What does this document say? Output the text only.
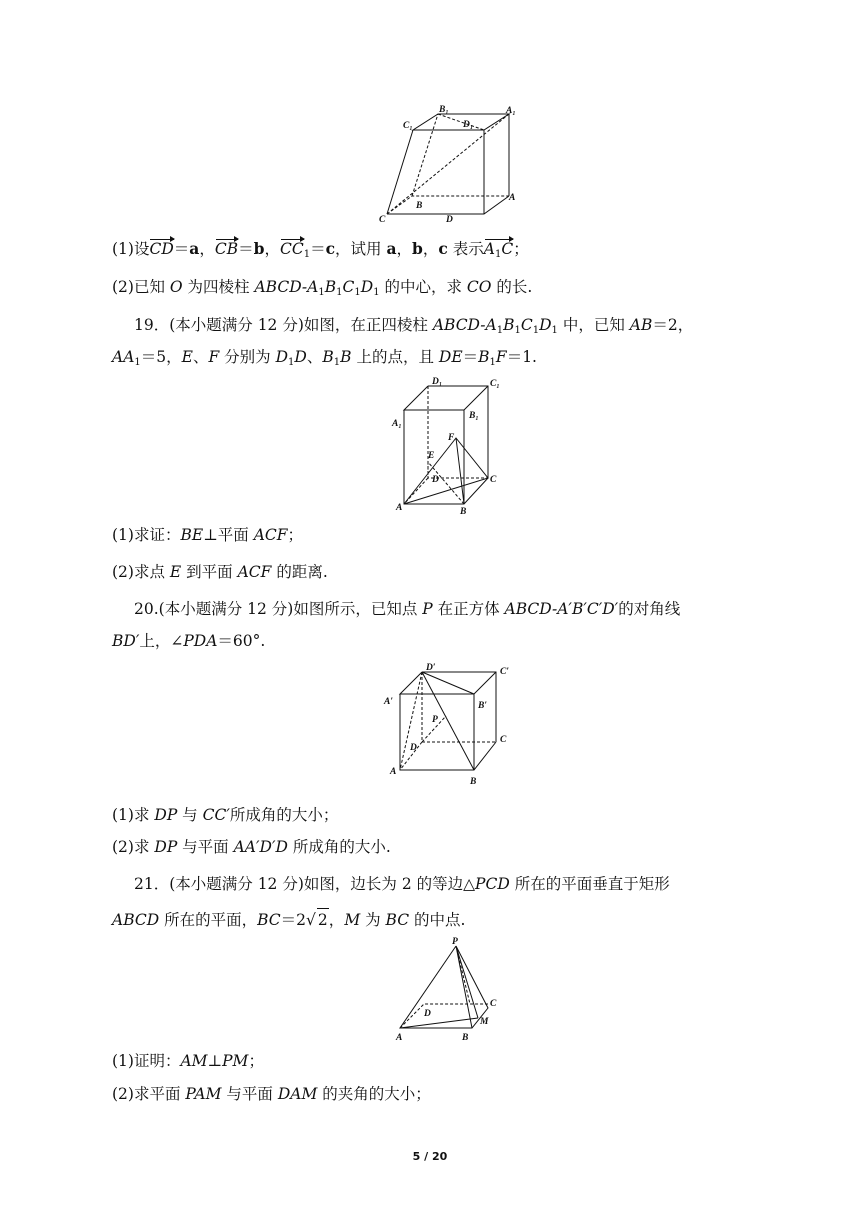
C₁
B₁	A₁
D₁
C
B
D
A
(1)设CD＝a，CB＝b，$CC_1=c$，试用 a，b，c 表示$A_1C$；
(2)已知 O 为四棱柱 ABCD-$A_1B_1C_1D_1$ 的中心，求 CO 的长.
19．(本小题满分 12 分)如图，在正四棱柱 ABCD-$A_1B_1C_1D_1$ 中，已知 AB＝2，
$AA_1=5$，E、F 分别为 $D_1D$、$B_1B$ 上的点，且 $DE=B_1F=1$.
D₁	C₁
A₁
B₁
F
E
D	C
A	B
(1)求证：BE⊥平面 ACF；
(2)求点 E 到平面 ACF 的距离.
20.(本小题满分 12 分)如图所示，已知点 P 在正方体 ABCD-A′B′C′D′的对角线
BD′上，∠PDA＝60°.
D′	C′
A′	B′
P
D
C
A
B
(1)求 DP 与 CC′所成角的大小；
(2)求 DP 与平面 AA′D′D 所成角的大小.
21．(本小题满分 12 分)如图，边长为 2 的等边△PCD 所在的平面垂直于矩形
ABCD 所在的平面，BC＝2√ 2，M 为 BC 的中点.
P
C
D
M
A	B
(1)证明：AM⊥PM；
(2)求平面 PAM 与平面 DAM 的夹角的大小；
5 / 20
